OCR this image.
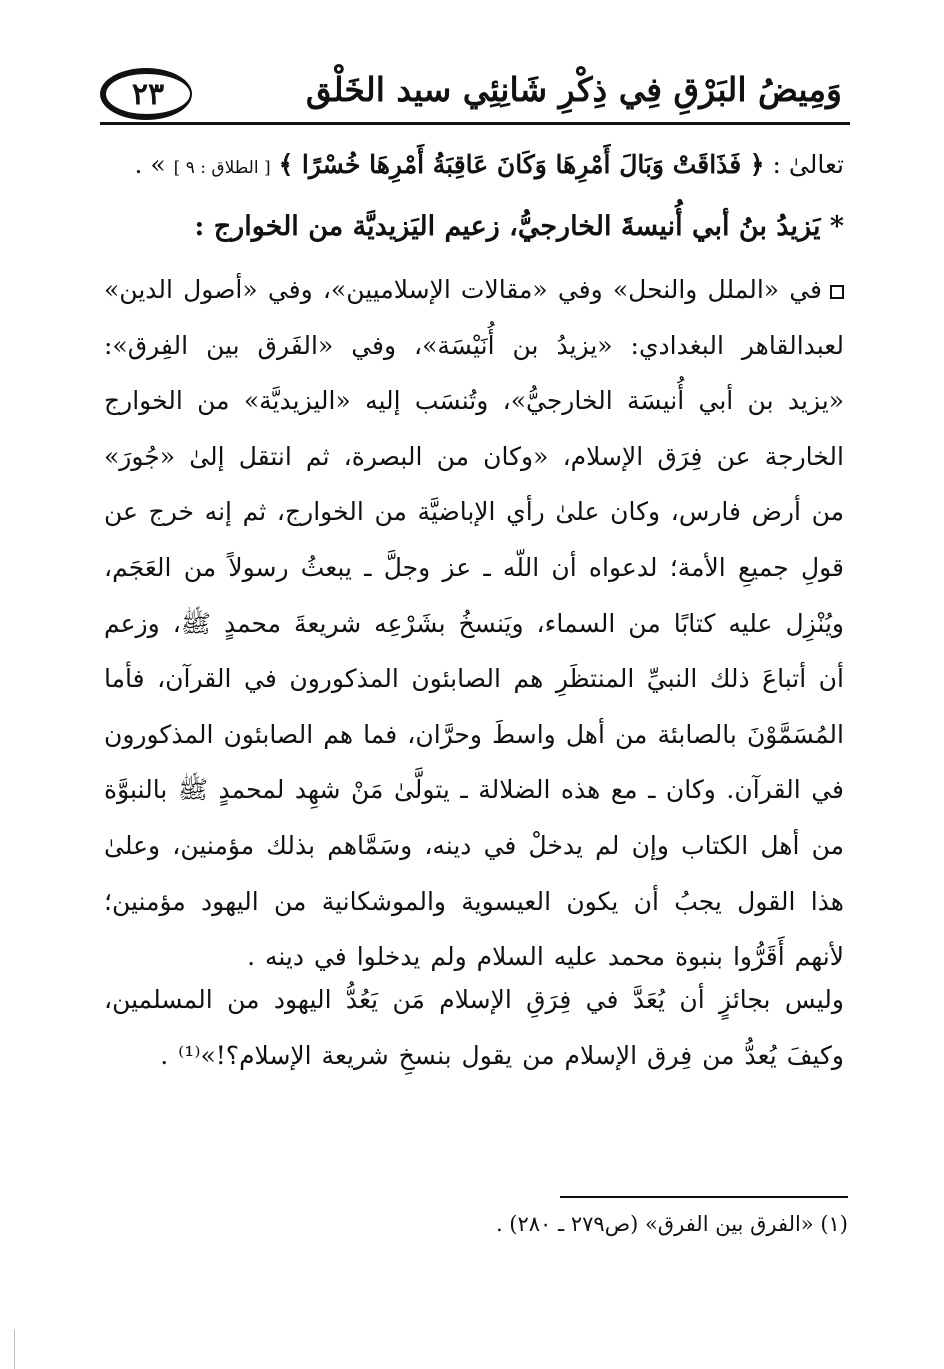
وَمِيضُ البَرْقِ فِي ذِكْرِ شَانِئِي سيد الخَلْق
٢٣
تعالىٰ : ﴿ فَذَاقَتْ وَبَالَ أَمْرِهَا وَكَانَ عَاقِبَةُ أَمْرِهَا خُسْرًا ﴾ [ الطلاق : ٩ ] » .
* يَزيدُ بنُ أبي أُنيسةَ الخارجيُّ، زعيم اليَزيديَّة من الخوارج :
في «الملل والنحل» وفي «مقالات الإسلاميين»، وفي «أصول الدين» لعبدالقاهر البغدادي: «يزيدُ بن أُنَيْسَة»، وفي «الفَرق بين الفِرق»: «يزيد بن أبي أُنيسَة الخارجيُّ»، وتُنسَب إليه «اليزيديَّة» من الخوارج الخارجة عن فِرَق الإسلام، «وكان من البصرة، ثم انتقل إلىٰ «جُورَ» من أرض فارس، وكان علىٰ رأي الإباضيَّة من الخوارج، ثم إنه خرج عن قولِ جميعِ الأمة؛ لدعواه أن اللّه ـ عز وجلَّ ـ يبعثُ رسولاً من العَجَم، ويُنْزِل عليه كتابًا من السماء، ويَنسخُ بشَرْعِه شريعةَ محمدٍ ﷺ، وزعم أن أتباعَ ذلك النبيِّ المنتظَرِ هم الصابئون المذكورون في القرآن، فأما المُسَمَّوْنَ بالصابئة من أهل واسطَ وحرَّان، فما هم الصابئون المذكورون في القرآن. وكان ـ مع هذه الضلالة ـ يتولَّىٰ مَنْ شهِد لمحمدٍ ﷺ بالنبوَّة من أهل الكتاب وإن لم يدخلْ في دينه، وسَمَّاهم بذلك مؤمنين، وعلىٰ هذا القول يجبُ أن يكون العيسوية والموشكانية من اليهود مؤمنين؛ لأنهم أَقَرُّوا بنبوة محمد عليه السلام ولم يدخلوا في دينه .
وليس بجائزٍ أن يُعَدَّ في فِرَقِ الإسلام مَن يَعُدُّ اليهود من المسلمين، وكيفَ يُعدُّ من فِرق الإسلام من يقول بنسخِ شريعة الإسلام؟!»⁽¹⁾ .
(١) «الفرق بين الفرق» (ص٢٧٩ ـ ٢٨٠) .
